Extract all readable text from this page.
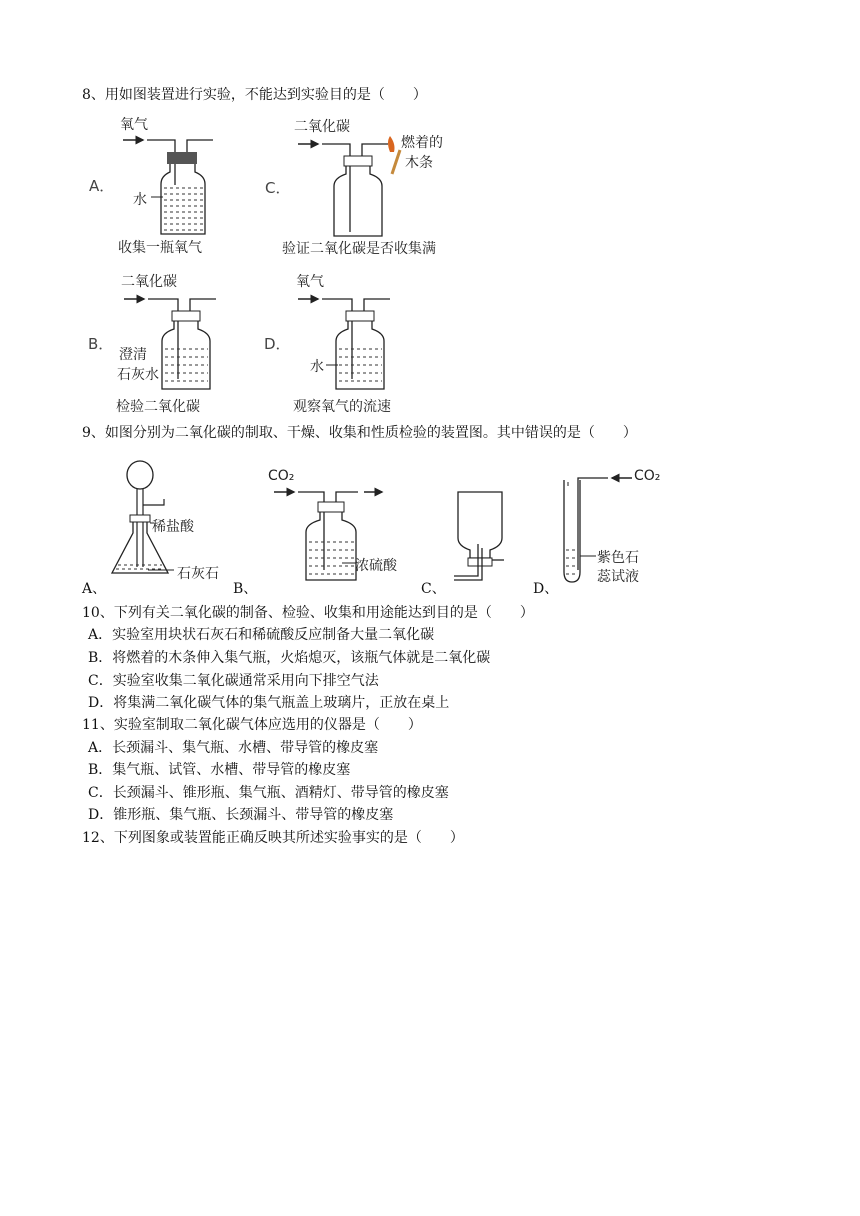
8、用如图装置进行实验，不能达到实验目的是（　　）
A．
氧气
水
收集一瓶氧气
C．
二氧化碳
燃着的
木条
验证二氧化碳是否收集满
B．
二氧化碳
澄清
石灰水
检验二氧化碳
D．
氧气
水
观察氧气的流速
9、如图分别为二氧化碳的制取、干燥、收集和性质检验的装置图。其中错误的是（　　）
A、
稀盐酸
石灰石
B、
CO₂
浓硫酸
C、	D、
CO₂
紫色石
蕊试液
10、下列有关二氧化碳的制备、检验、收集和用途能达到目的是（　　）
A．实验室用块状石灰石和稀硫酸反应制备大量二氧化碳
B．将燃着的木条伸入集气瓶，火焰熄灭，该瓶气体就是二氧化碳
C．实验室收集二氧化碳通常采用向下排空气法
D．将集满二氧化碳气体的集气瓶盖上玻璃片，正放在桌上
11、实验室制取二氧化碳气体应选用的仪器是（　　）
A．长颈漏斗、集气瓶、水槽、带导管的橡皮塞
B．集气瓶、试管、水槽、带导管的橡皮塞
C．长颈漏斗、锥形瓶、集气瓶、酒精灯、带导管的橡皮塞
D．锥形瓶、集气瓶、长颈漏斗、带导管的橡皮塞
12、下列图象或装置能正确反映其所述实验事实的是（　　）
